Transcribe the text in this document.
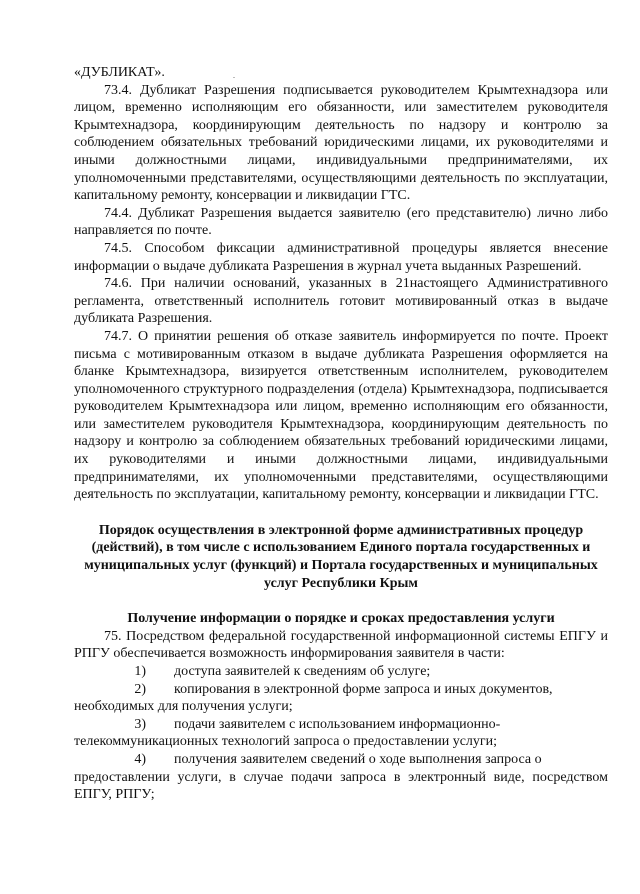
«ДУБЛИКАТ».

73.4. Дубликат Разрешения подписывается руководителем Крымтехнадзора или лицом, временно исполняющим его обязанности, или заместителем руководителя Крымтехнадзора, координирующим деятельность по надзору и контролю за соблюдением обязательных требований юридическими лицами, их руководителями и иными должностными лицами, индивидуальными предпринимателями, их уполномоченными представителями, осуществляющими деятельность по эксплуатации, капитальному ремонту, консервации и ликвидации ГТС.

74.4. Дубликат Разрешения выдается заявителю (его представителю) лично либо направляется по почте.

74.5. Способом фиксации административной процедуры является внесение информации о выдаче дубликата Разрешения в журнал учета выданных Разрешений.

74.6. При наличии оснований, указанных в 21настоящего Административного регламента, ответственный исполнитель готовит мотивированный отказ в выдаче дубликата Разрешения.

74.7. О принятии решения об отказе заявитель информируется по почте. Проект письма с мотивированным отказом в выдаче дубликата Разрешения оформляется на бланке Крымтехнадзора, визируется ответственным исполнителем, руководителем уполномоченного структурного подразделения (отдела) Крымтехнадзора, подписывается руководителем Крымтехнадзора или лицом, временно исполняющим его обязанности, или заместителем руководителя Крымтехнадзора, координирующим деятельность по надзору и контролю за соблюдением обязательных требований юридическими лицами, их руководителями и иными должностными лицами, индивидуальными предпринимателями, их уполномоченными представителями, осуществляющими деятельность по эксплуатации, капитальному ремонту, консервации и ликвидации ГТС.

Порядок осуществления в электронной форме административных процедур (действий), в том числе с использованием Единого портала государственных и муниципальных услуг (функций) и Портала государственных и муниципальных услуг Республики Крым

Получение информации о порядке и сроках предоставления услуги

75. Посредством федеральной государственной информационной системы ЕПГУ и РПГУ обеспечивается возможность информирования заявителя в части:

1)	доступа заявителей к сведениям об услуге;

2)	копирования в электронной форме запроса и иных документов,

необходимых для получения услуги;

3)	подачи заявителем с использованием информационно-

телекоммуникационных технологий запроса о предоставлении услуги;

4)	получения заявителем сведений о ходе выполнения запроса о

предоставлении услуги, в случае подачи запроса в электронный виде, посредством ЕПГУ, РПГУ;
